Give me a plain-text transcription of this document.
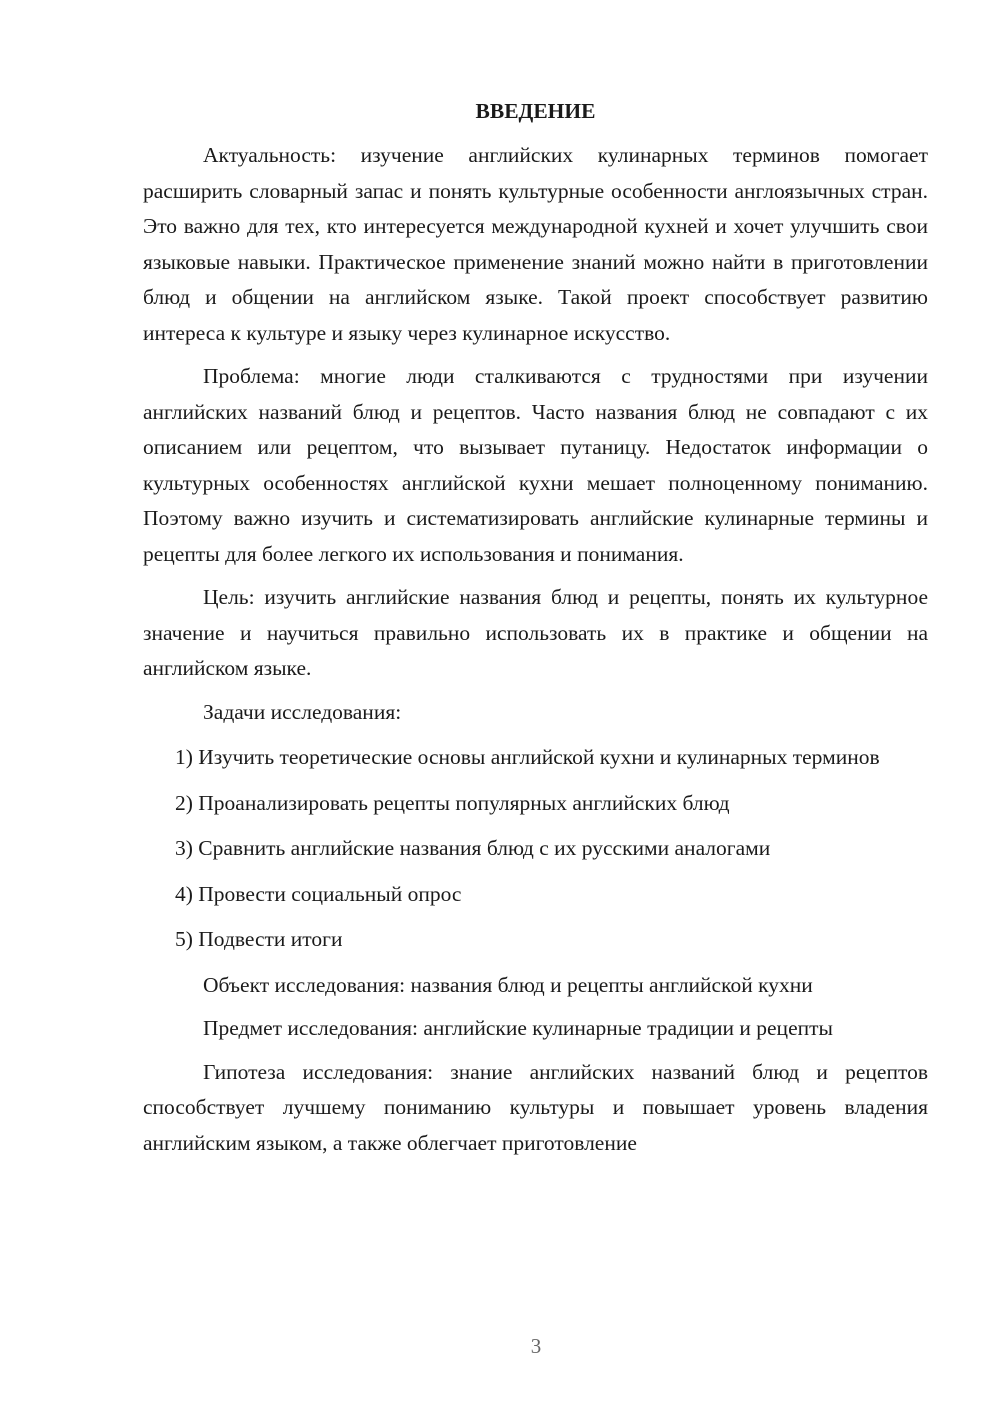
ВВЕДЕНИЕ

Актуальность: изучение английских кулинарных терминов помогает расширить словарный запас и понять культурные особенности англоязычных стран. Это важно для тех, кто интересуется международной кухней и хочет улучшить свои языковые навыки. Практическое применение знаний можно найти в приготовлении блюд и общении на английском языке. Такой проект способствует развитию интереса к культуре и языку через кулинарное искусство.

Проблема: многие люди сталкиваются с трудностями при изучении английских названий блюд и рецептов. Часто названия блюд не совпадают с их описанием или рецептом, что вызывает путаницу. Недостаток информации о культурных особенностях английской кухни мешает полноценному пониманию. Поэтому важно изучить и систематизировать английские кулинарные термины и рецепты для более легкого их использования и понимания.

Цель: изучить английские названия блюд и рецепты, понять их культурное значение и научиться правильно использовать их в практике и общении на английском языке.

Задачи исследования:

1) Изучить теоретические основы английской кухни и кулинарных терминов

2) Проанализировать рецепты популярных английских блюд

3) Сравнить английские названия блюд с их русскими аналогами

4) Провести социальный опрос

5) Подвести итоги

Объект исследования: названия блюд и рецепты английской кухни

Предмет исследования: английские кулинарные традиции и рецепты

Гипотеза исследования: знание английских названий блюд и рецептов способствует лучшему пониманию культуры и повышает уровень владения английским языком, а также облегчает приготовление

3
